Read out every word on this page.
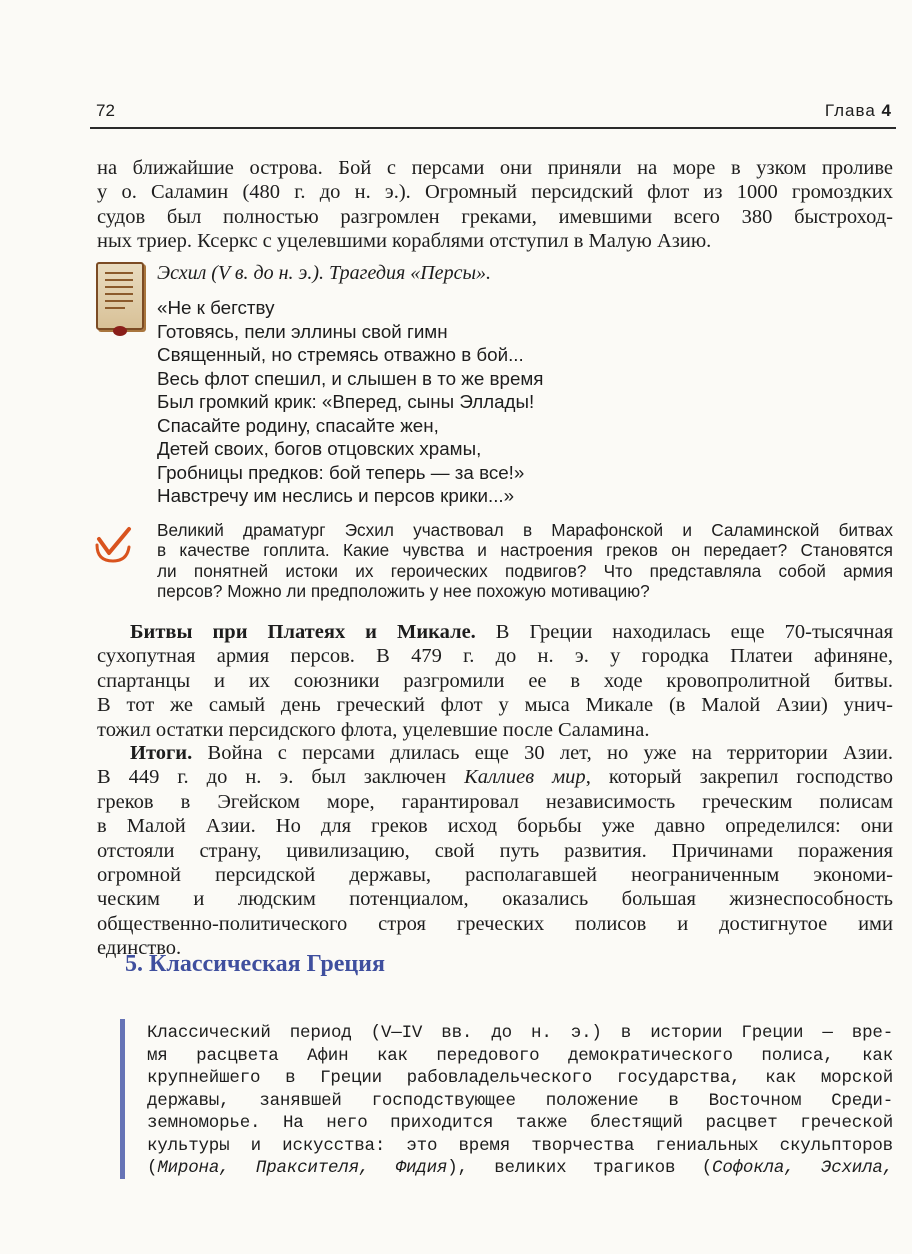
72	Глава 4
на ближайшие острова. Бой с персами они приняли на море в узком проливе
у о. Саламин (480 г. до н. э.). Огромный персидский флот из 1000 громоздких
судов был полностью разгромлен греками, имевшими всего 380 быстроход-
ных триер. Ксеркс с уцелевшими кораблями отступил в Малую Азию.
Эсхил (V в. до н. э.). Трагедия «Персы».
«Не к бегству
Готовясь, пели эллины свой гимн
Священный, но стремясь отважно в бой...
Весь флот спешил, и слышен в то же время
Был громкий крик: «Вперед, сыны Эллады!
Спасайте родину, спасайте жен,
Детей своих, богов отцовских храмы,
Гробницы предков: бой теперь — за все!»
Навстречу им неслись и персов крики...»
Великий драматург Эсхил участвовал в Марафонской и Саламинской битвах
в качестве гоплита. Какие чувства и настроения греков он передает? Становятся
ли понятней истоки их героических подвигов? Что представляла собой армия
персов? Можно ли предположить у нее похожую мотивацию?
Битвы при Платеях и Микале. В Греции находилась еще 70-тысячная
сухопутная армия персов. В 479 г. до н. э. у городка Платеи афиняне,
спартанцы и их союзники разгромили ее в ходе кровопролитной битвы.
В тот же самый день греческий флот у мыса Микале (в Малой Азии) унич-
тожил остатки персидского флота, уцелевшие после Саламина.
Итоги. Война с персами длилась еще 30 лет, но уже на территории Азии.
В 449 г. до н. э. был заключен Каллиев мир, который закрепил господство
греков в Эгейском море, гарантировал независимость греческим полисам
в Малой Азии. Но для греков исход борьбы уже давно определился: они
отстояли страну, цивилизацию, свой путь развития. Причинами поражения
огромной персидской державы, располагавшей неограниченным экономи-
ческим и людским потенциалом, оказались большая жизнеспособность
общественно-политического строя греческих полисов и достигнутое ими
единство.
5. Классическая Греция
Классический период (V—IV вв. до н. э.) в истории Греции — вре-
мя расцвета Афин как передового демократического полиса, как
крупнейшего в Греции рабовладельческого государства, как морской
державы, занявшей господствующее положение в Восточном Среди-
земноморье. На него приходится также блестящий расцвет греческой
культуры и искусства: это время творчества гениальных скульпторов
(Мирона, Праксителя, Фидия), великих трагиков (Софокла, Эсхила,
